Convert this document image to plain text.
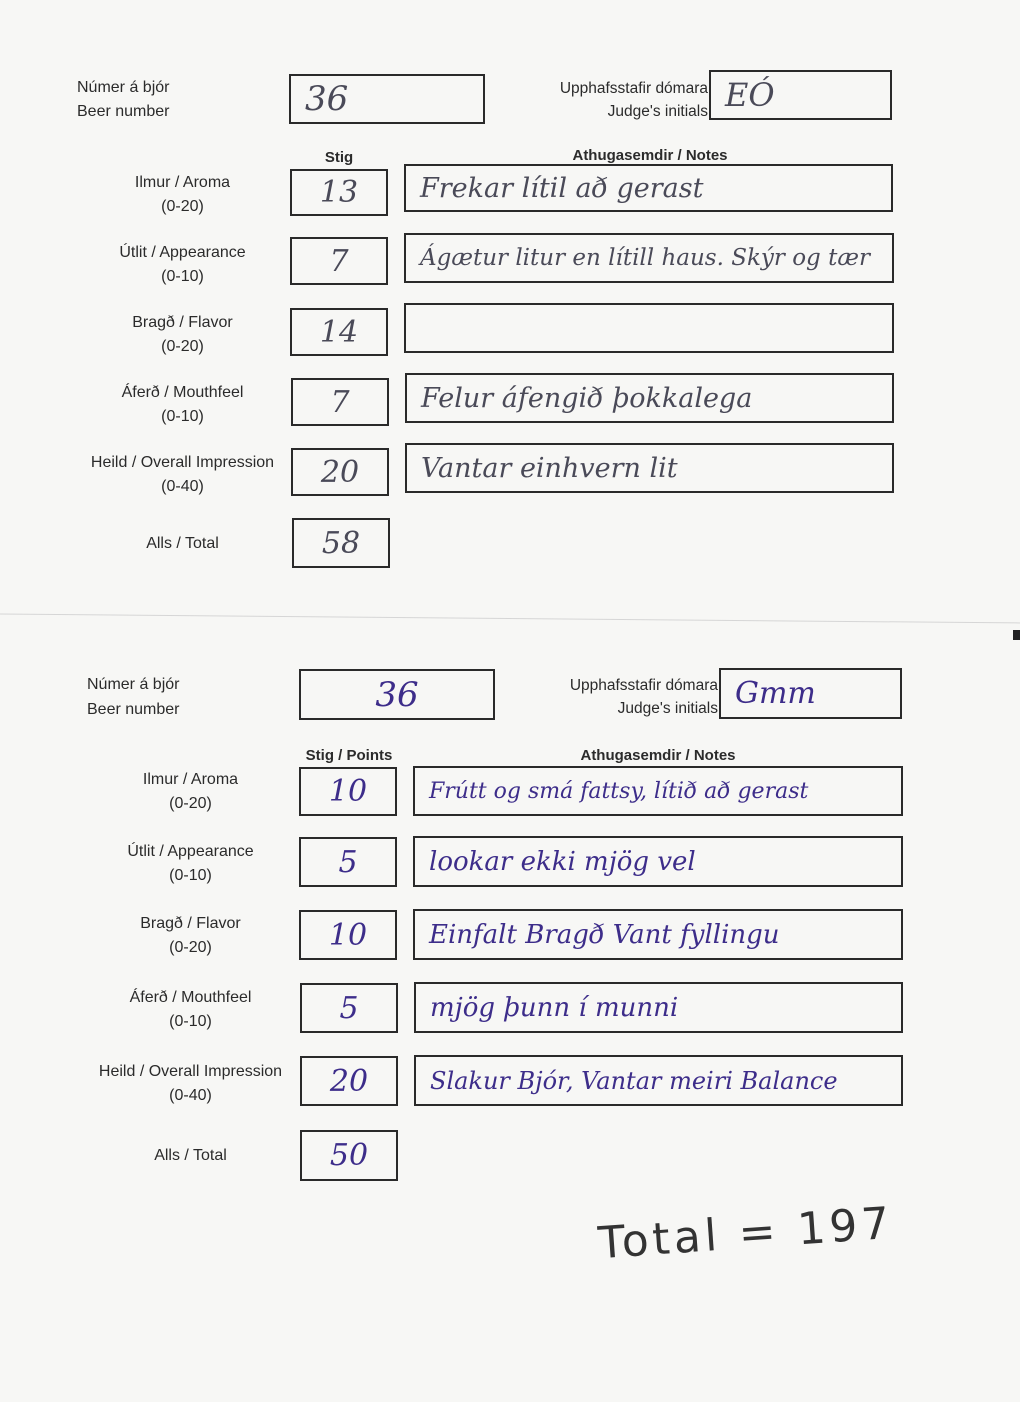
Númer á bjór
Beer number	36	Upphafsstafir dómara
Judge's initials EÓ
Stig	Athugasemdir / Notes
Ilmur / Aroma
(0-20)	13 Frekar lítil að gerast
Útlit / Appearance
(0-10)	7	Ágætur litur en lítill haus. Skýr og tær
Bragð / Flavor
(0-20)	14
Áferð / Mouthfeel
(0-10)	7	Felur áfengið þokkalega
Heild / Overall Impression
(0-40)	20 Vantar einhvern lit
Alls / Total	58
Númer á bjór
Beer number	36	Upphafsstafir dómara
Judge's initials Gmm
Stig / Points	Athugasemdir / Notes
Ilmur / Aroma
(0-20)	10	Frútt og smá fattsy, lítið að gerast
Útlit / Appearance
(0-10)	5	lookar ekki mjög vel
Bragð / Flavor
(0-20)	10 Einfalt Bragð Vant fyllingu
Áferð / Mouthfeel
(0-10)	5	mjög þunn í munni
Heild / Overall Impression
(0-40)	20	Slakur Bjór, Vantar meiri Balance
Alls / Total	50
Total = 197
